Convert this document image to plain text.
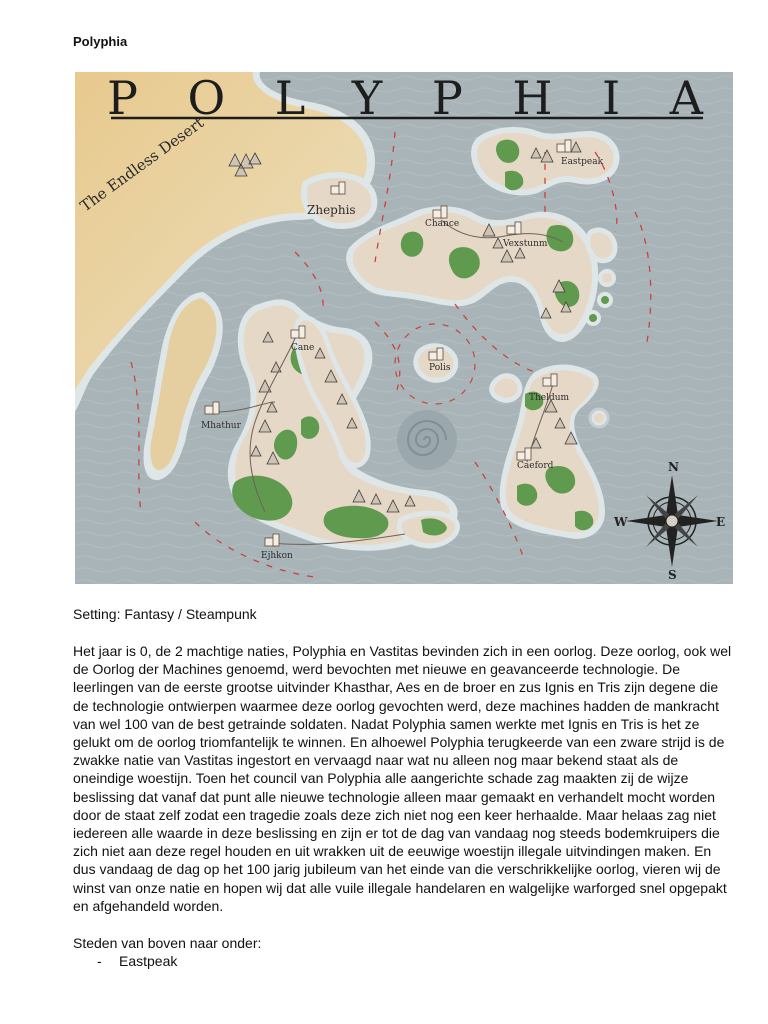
Polyphia
POLYPHIA
The Endless Desert	Eastpeak
Zhephis
Chance
Vexstunm
Cane
Polis
Mhathur
Theldum
Caeford
Ejhkon
N
E
S
W
Setting: Fantasy / Steampunk

Het jaar is 0, de 2 machtige naties, Polyphia en Vastitas bevinden zich in een oorlog. Deze oorlog, ook wel de Oorlog der Machines genoemd, werd bevochten met nieuwe en geavanceerde technologie. De leerlingen van de eerste grootse uitvinder Khasthar, Aes en de broer en zus Ignis en Tris zijn degene die de technologie ontwierpen waarmee deze oorlog gevochten werd, deze machines hadden de mankracht van wel 100 van de best getrainde soldaten. Nadat Polyphia samen werkte met Ignis en Tris is het ze gelukt om de oorlog triomfantelijk te winnen. En alhoewel Polyphia terugkeerde van een zware strijd is de zwakke natie van Vastitas ingestort en vervaagd naar wat nu alleen nog maar bekend staat als de oneindige woestijn. Toen het council van Polyphia alle aangerichte schade zag maakten zij de wijze beslissing dat vanaf dat punt alle nieuwe technologie alleen maar gemaakt en verhandelt mocht worden door de staat zelf zodat een tragedie zoals deze zich niet nog een keer herhaalde. Maar helaas zag niet iedereen alle waarde in deze beslissing en zijn er tot de dag van vandaag nog steeds bodemkruipers die zich niet aan deze regel houden en uit wrakken uit de eeuwige woestijn illegale uitvindingen maken. En dus vandaag de dag op het 100 jarig jubileum van het einde van die verschrikkelijke oorlog, vieren wij de winst van onze natie en hopen wij dat alle vuile illegale handelaren en walgelijke warforged snel opgepakt en afgehandeld worden.

Steden van boven naar onder:
- Eastpeak
